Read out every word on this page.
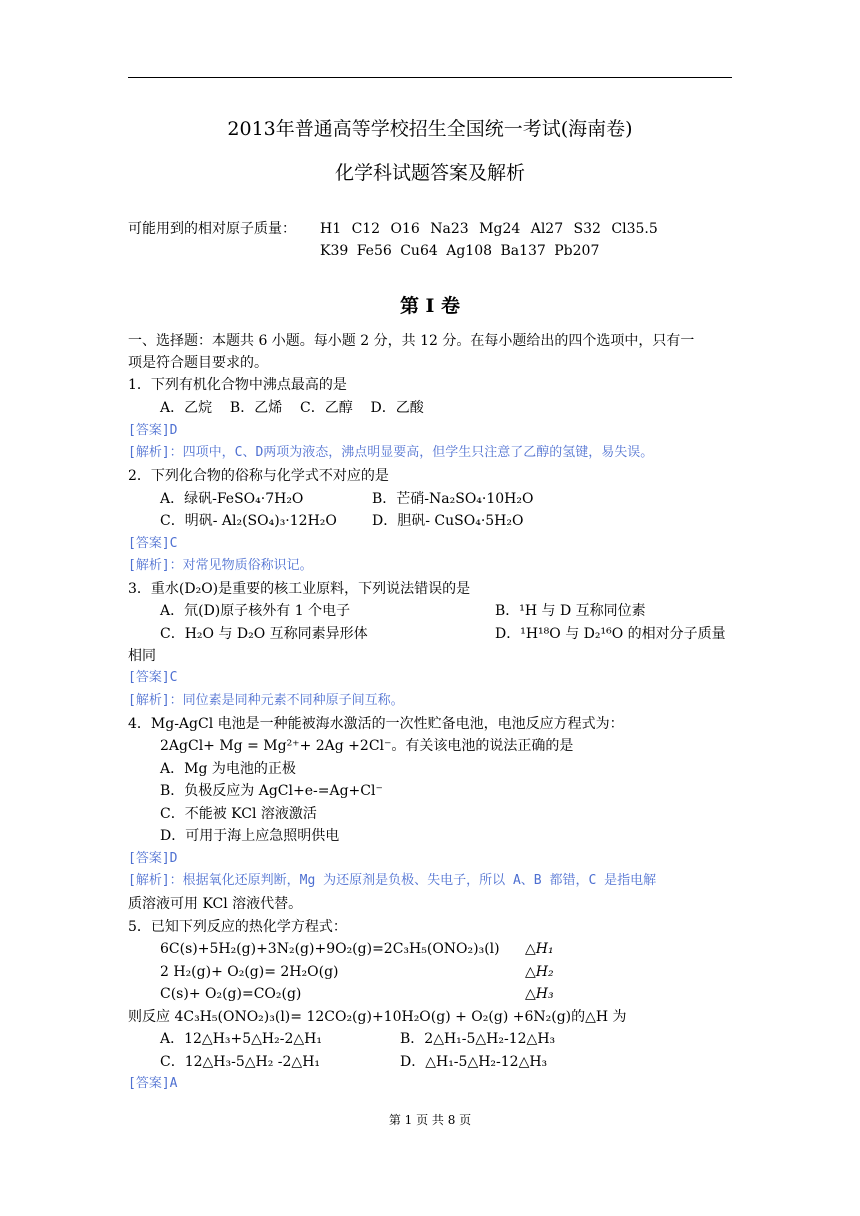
2013年普通高等学校招生全国统一考试(海南卷)
化学科试题答案及解析
可能用到的相对原子质量： H1 C12 O16 Na23 Mg24 Al27 S32 Cl35.5
K39 Fe56 Cu64 Ag108 Ba137 Pb207
第 I 卷
一、选择题：本题共 6 小题。每小题 2 分，共 12 分。在每小题给出的四个选项中，只有一
项是符合题目要求的。
1．下列有机化合物中沸点最高的是
A．乙烷    B．乙烯    C．乙醇    D．乙酸
[答案]D
[解析]：四项中，C、D两项为液态，沸点明显要高，但学生只注意了乙醇的氢键，易失误。
2．下列化合物的俗称与化学式不对应的是
A．绿矾-FeSO₄·7H₂O	B．芒硝-Na₂SO₄·10H₂O
C．明矾- Al₂(SO₄)₃·12H₂O	D．胆矾- CuSO₄·5H₂O
[答案]C
[解析]：对常见物质俗称识记。
3．重水(D₂O)是重要的核工业原料，下列说法错误的是
A．氘(D)原子核外有 1 个电子	B．¹H 与 D 互称同位素
C．H₂O 与 D₂O 互称同素异形体	D．¹H¹⁸O 与 D₂¹⁶O 的相对分子质量
相同
[答案]C
[解析]：同位素是同种元素不同种原子间互称。
4．Mg-AgCl 电池是一种能被海水激活的一次性贮备电池，电池反应方程式为：
2AgCl+ Mg = Mg²⁺+ 2Ag +2Cl⁻。有关该电池的说法正确的是
A．Mg 为电池的正极
B．负极反应为 AgCl+e-=Ag+Cl⁻
C．不能被 KCl 溶液激活
D．可用于海上应急照明供电
[答案]D
[解析]：根据氧化还原判断，Mg 为还原剂是负极、失电子，所以 A、B 都错，C 是指电解
质溶液可用 KCl 溶液代替。
5．已知下列反应的热化学方程式：
6C(s)+5H₂(g)+3N₂(g)+9O₂(g)=2C₃H₅(ONO₂)₃(l) △H₁
2 H₂(g)+ O₂(g)= 2H₂O(g)	△H₂
C(s)+ O₂(g)=CO₂(g)	△H₃
则反应 4C₃H₅(ONO₂)₃(l)= 12CO₂(g)+10H₂O(g) + O₂(g) +6N₂(g)的△H 为
A．12△H₃+5△H₂-2△H₁	B．2△H₁-5△H₂-12△H₃
C．12△H₃-5△H₂ -2△H₁	D．△H₁-5△H₂-12△H₃
[答案]A
第 1 页 共 8 页
